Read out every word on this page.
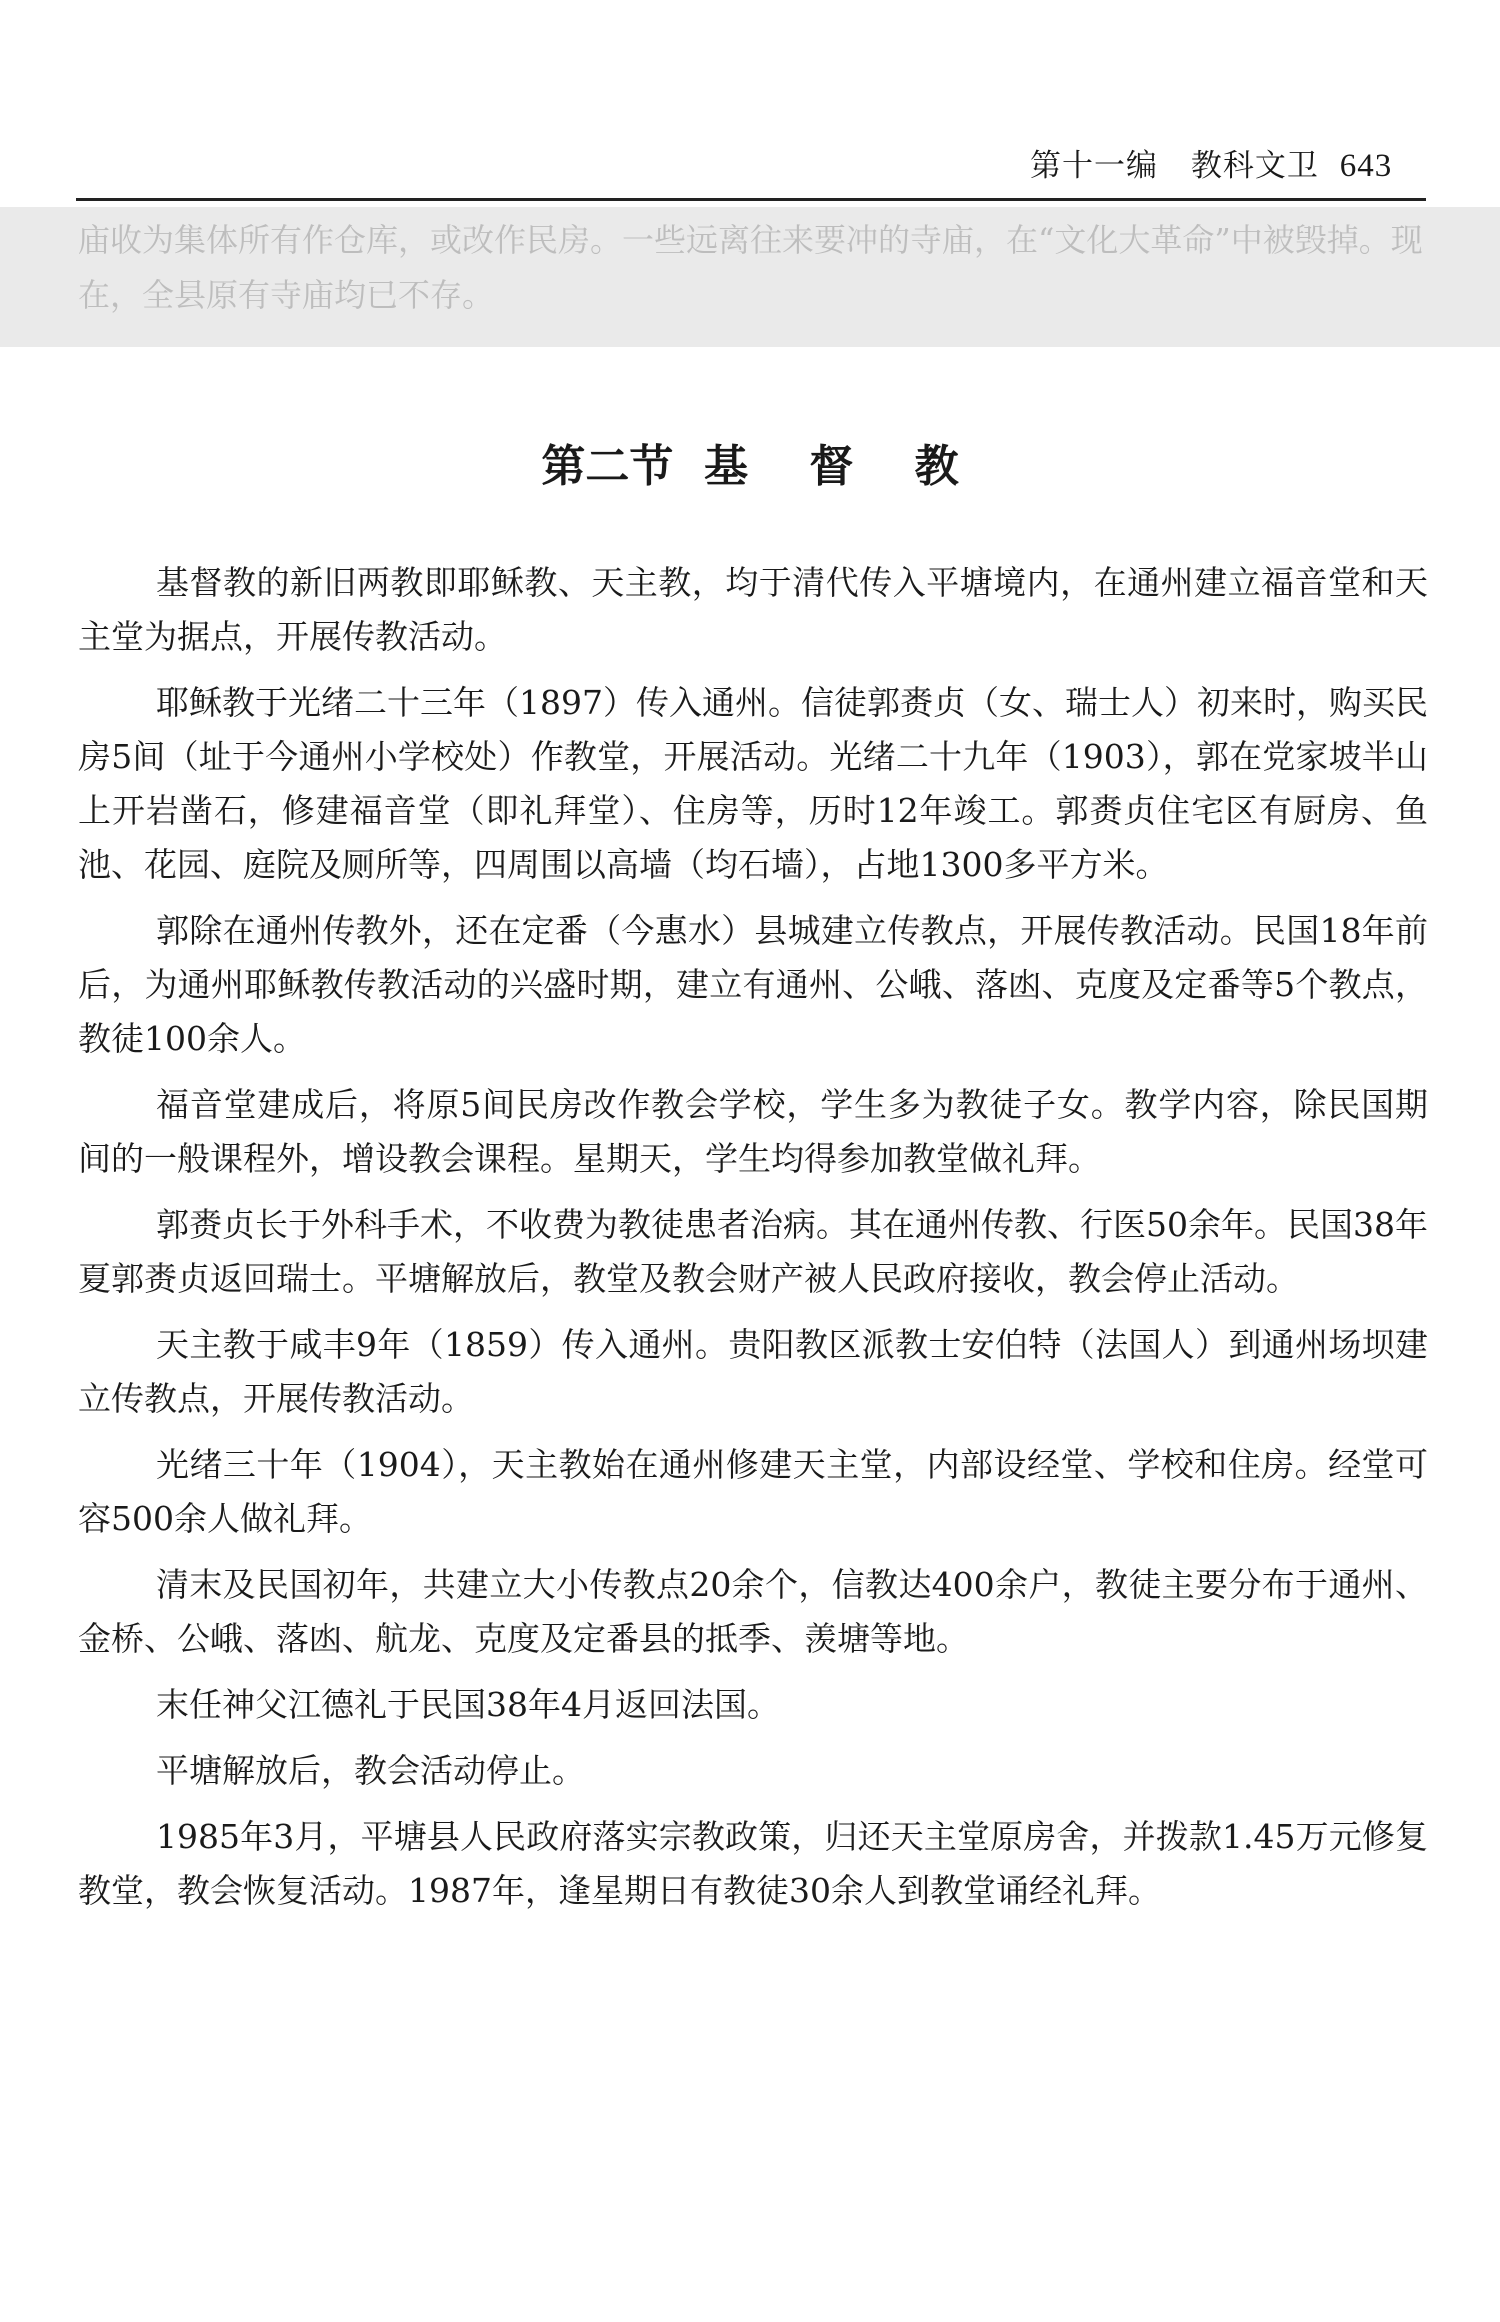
第十一编 教科文卫 643

庙收为集体所有作仓库，或改作民房。一些远离往来要冲的寺庙，在“文化大革命”中被毁掉。现在，全县原有寺庙均已不存。

第二节  基    督    教

基督教的新旧两教即耶稣教、天主教，均于清代传入平塘境内，在通州建立福音堂和天主堂为据点，开展传教活动。

耶稣教于光绪二十三年（1897）传入通州。信徒郭赉贞（女、瑞士人）初来时，购买民房5间（址于今通州小学校处）作教堂，开展活动。光绪二十九年（1903），郭在党家坡半山上开岩凿石，修建福音堂（即礼拜堂）、住房等，历时12年竣工。郭赉贞住宅区有厨房、鱼池、花园、庭院及厕所等，四周围以高墙（均石墙），占地1300多平方米。

郭除在通州传教外，还在定番（今惠水）县城建立传教点，开展传教活动。民国18年前后，为通州耶稣教传教活动的兴盛时期，建立有通州、公峨、落凼、克度及定番等5个教点，教徒100余人。

福音堂建成后，将原5间民房改作教会学校，学生多为教徒子女。教学内容，除民国期间的一般课程外，增设教会课程。星期天，学生均得参加教堂做礼拜。

郭赉贞长于外科手术，不收费为教徒患者治病。其在通州传教、行医50余年。民国38年夏郭赉贞返回瑞士。平塘解放后，教堂及教会财产被人民政府接收，教会停止活动。

天主教于咸丰9年（1859）传入通州。贵阳教区派教士安伯特（法国人）到通州场坝建立传教点，开展传教活动。

光绪三十年（1904），天主教始在通州修建天主堂，内部设经堂、学校和住房。经堂可容500余人做礼拜。

清末及民国初年，共建立大小传教点20余个，信教达400余户，教徒主要分布于通州、金桥、公峨、落凼、航龙、克度及定番县的抵季、羡塘等地。

末任神父江德礼于民国38年4月返回法国。

平塘解放后，教会活动停止。

1985年3月，平塘县人民政府落实宗教政策，归还天主堂原房舍，并拨款1.45万元修复教堂，教会恢复活动。1987年，逢星期日有教徒30余人到教堂诵经礼拜。
